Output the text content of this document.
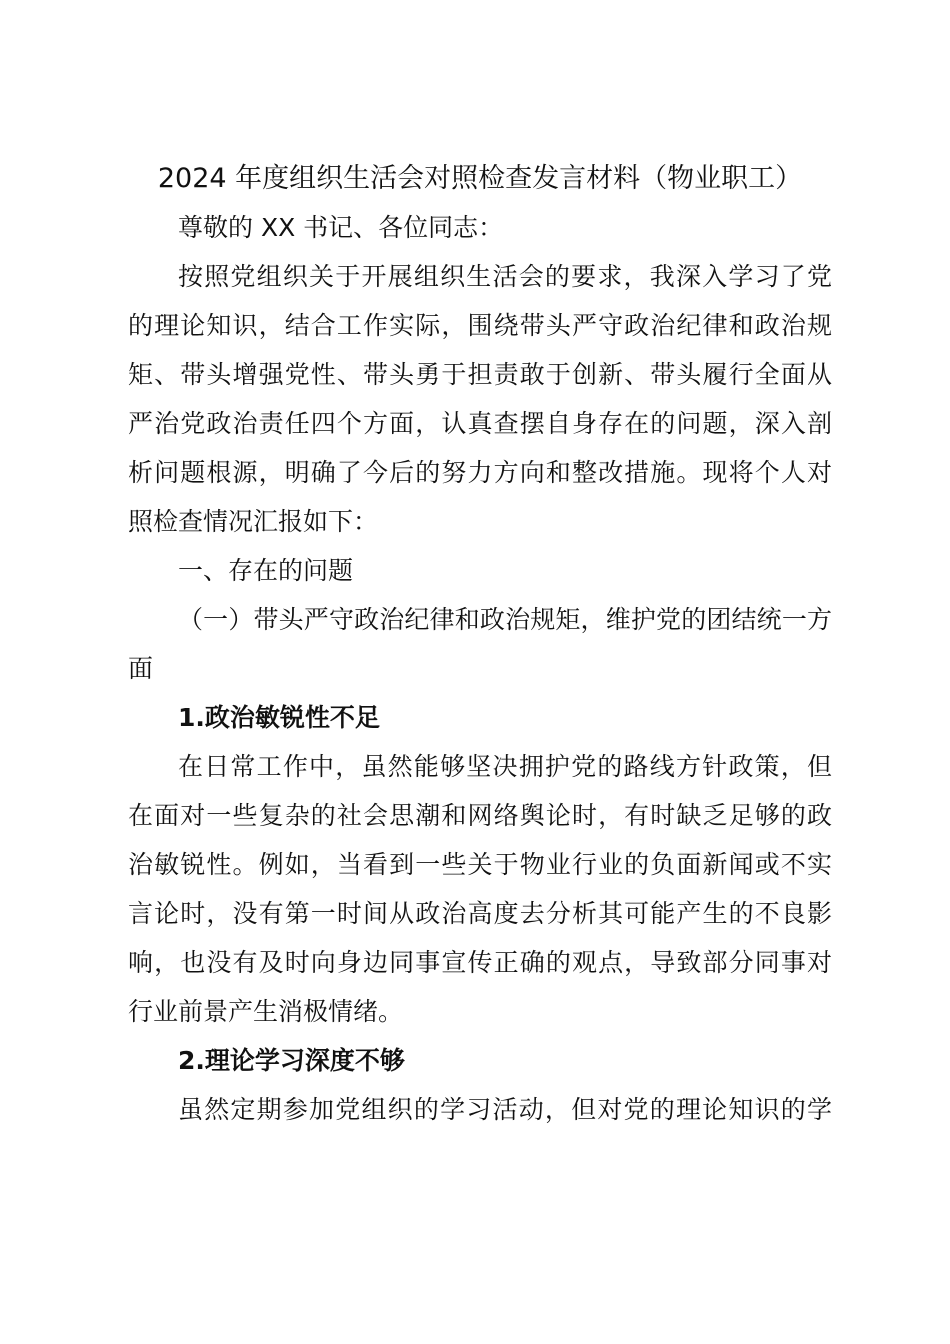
2024 年度组织生活会对照检查发言材料（物业职工）

尊敬的 XX 书记、各位同志：

按照党组织关于开展组织生活会的要求，我深入学习了党
的理论知识，结合工作实际，围绕带头严守政治纪律和政治规
矩、带头增强党性、带头勇于担责敢于创新、带头履行全面从
严治党政治责任四个方面，认真查摆自身存在的问题，深入剖
析问题根源，明确了今后的努力方向和整改措施。现将个人对
照检查情况汇报如下：

一、存在的问题

（一）带头严守政治纪律和政治规矩，维护党的团结统一方
面

1.政治敏锐性不足

在日常工作中，虽然能够坚决拥护党的路线方针政策，但
在面对一些复杂的社会思潮和网络舆论时，有时缺乏足够的政
治敏锐性。例如，当看到一些关于物业行业的负面新闻或不实
言论时，没有第一时间从政治高度去分析其可能产生的不良影
响，也没有及时向身边同事宣传正确的观点，导致部分同事对
行业前景产生消极情绪。

2.理论学习深度不够

虽然定期参加党组织的学习活动，但对党的理论知识的学
